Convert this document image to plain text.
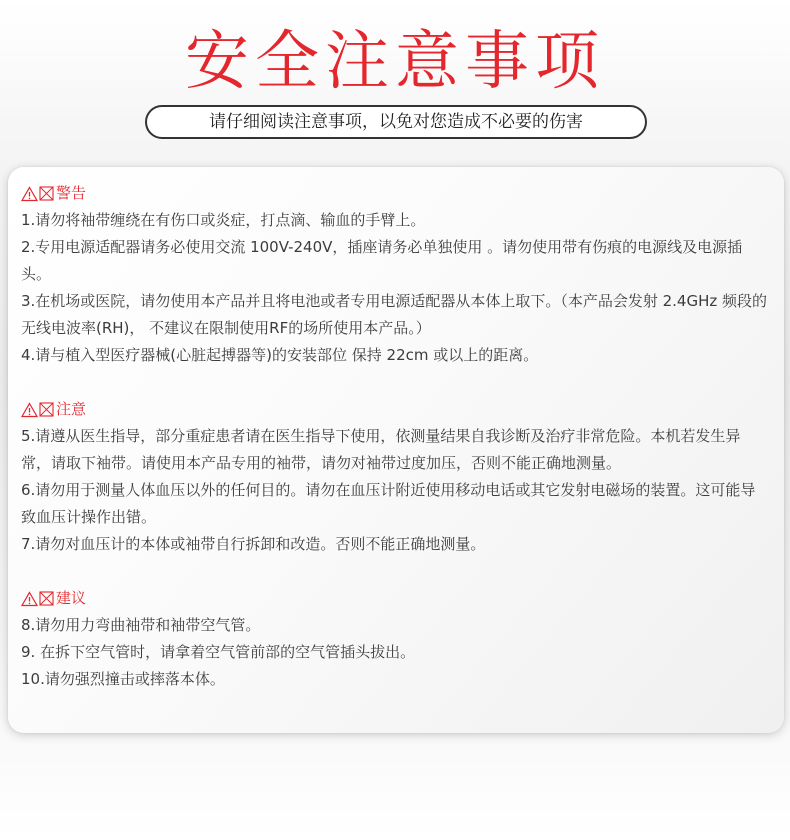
安全注意事项
请仔细阅读注意事项，以免对您造成不必要的伤害
警告
1.请勿将袖带缠绕在有伤口或炎症，打点滴、输血的手臂上。
2.专用电源适配器请务必使用交流 100V-240V，插座请务必单独使用 。请勿使用带有伤痕的电源线及电源插头。
3.在机场或医院，请勿使用本产品并且将电池或者专用电源适配器从本体上取下。（本产品会发射 2.4GHz 频段的无线电波率(RH)， 不建议在限制使用RF的场所使用本产品。）
4.请与植入型医疗器械(心脏起搏器等)的安装部位 保持 22cm 或以上的距离。
注意
5.请遵从医生指导，部分重症患者请在医生指导下使用，依测量结果自我诊断及治疗非常危险。本机若发生异常，请取下袖带。请使用本产品专用的袖带，请勿对袖带过度加压，否则不能正确地测量。
6.请勿用于测量人体血压以外的任何目的。请勿在血压计附近使用移动电话或其它发射电磁场的装置。这可能导致血压计操作出错。
7.请勿对血压计的本体或袖带自行拆卸和改造。否则不能正确地测量。
建议
8.请勿用力弯曲袖带和袖带空气管。
9. 在拆下空气管时，请拿着空气管前部的空气管插头拔出。
10.请勿强烈撞击或摔落本体。
